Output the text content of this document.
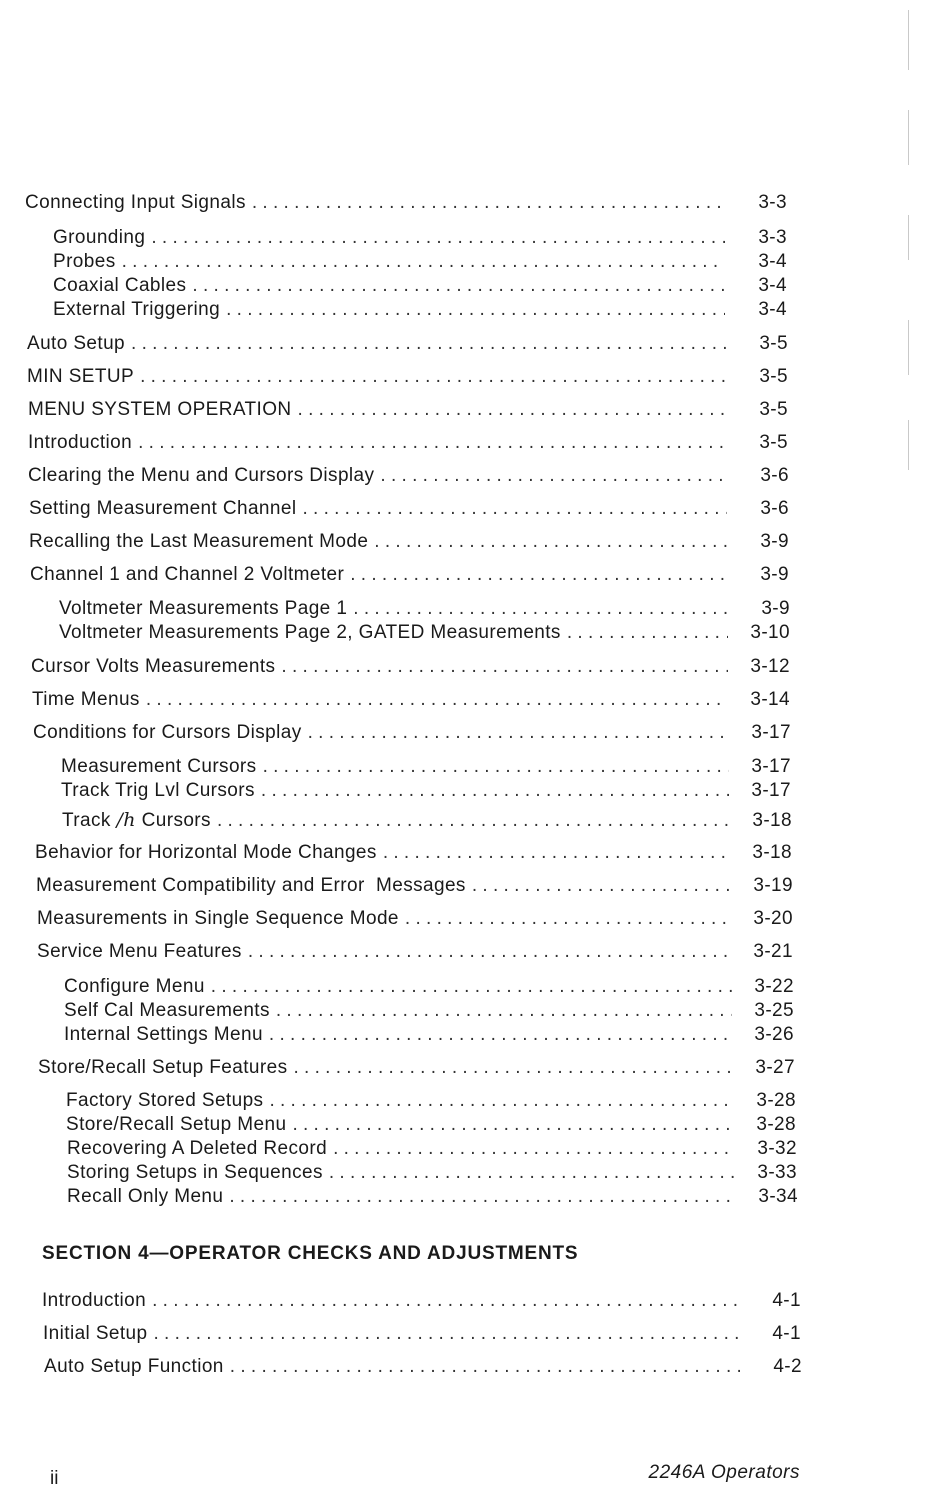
Connecting Input Signals . . .	3-3
Grounding . . .	3-3
Probes . . .	3-4
Coaxial Cables . . .	3-4
External Triggering . . .	3-4
Auto Setup . . .	3-5
MIN SETUP . . .	3-5
MENU SYSTEM OPERATION . . .	3-5
Introduction . . .	3-5
Clearing the Menu and Cursors Display . . .	3-6
Setting Measurement Channel . . .	3-6
Recalling the Last Measurement Mode . . .	3-9
Channel 1 and Channel 2 Voltmeter . . .	3-9
Voltmeter Measurements Page 1 . . .	3-9
Voltmeter Measurements Page 2, GATED Measurements . . .	3-10
Cursor Volts Measurements . . .	3-12
Time Menus . . .	3-14
Conditions for Cursors Display . . .	3-17
Measurement Cursors . . .	3-17
Track Trig Lvl Cursors . . .	3-17
Track /h Cursors . . .	3-18
Behavior for Horizontal Mode Changes . . .	3-18
Measurement Compatibility and Error  Messages . . .	3-19
Measurements in Single Sequence Mode . . .	3-20
Service Menu Features . . .	3-21
Configure Menu . . .	3-22
Self Cal Measurements . . .	3-25
Internal Settings Menu . . .	3-26
Store/Recall Setup Features . . .	3-27
Factory Stored Setups . . .	3-28
Store/Recall Setup Menu . . .	3-28
Recovering A Deleted Record . . .	3-32
Storing Setups in Sequences . . .	3-33
Recall Only Menu . . .	3-34
SECTION 4—OPERATOR CHECKS AND ADJUSTMENTS
Introduction . . .	4-1
Initial Setup . . .	4-1
Auto Setup Function . . .	4-2
ii	2246A Operators
